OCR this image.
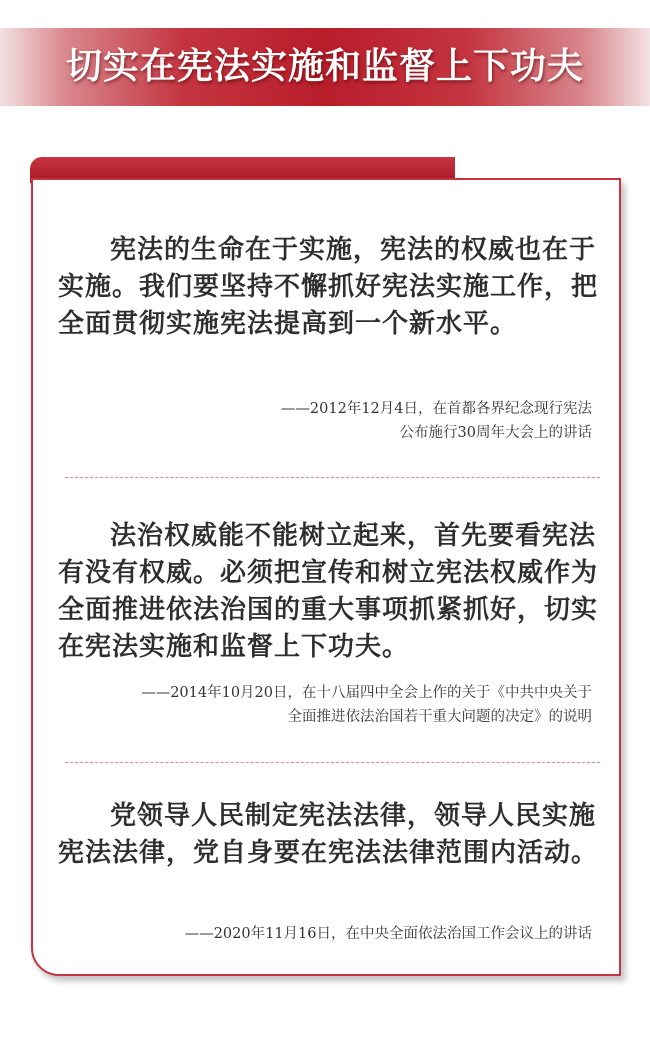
切实在宪法实施和监督上下功夫
宪法的生命在于实施，宪法的权威也在于实施。我们要坚持不懈抓好宪法实施工作，把全面贯彻实施宪法提高到一个新水平。
——2012年12月4日，在首都各界纪念现行宪法
公布施行30周年大会上的讲话
法治权威能不能树立起来，首先要看宪法有没有权威。必须把宣传和树立宪法权威作为全面推进依法治国的重大事项抓紧抓好，切实在宪法实施和监督上下功夫。
——2014年10月20日，在十八届四中全会上作的关于《中共中央关于
全面推进依法治国若干重大问题的决定》的说明
党领导人民制定宪法法律，领导人民实施宪法法律，党自身要在宪法法律范围内活动。
——2020年11月16日，在中央全面依法治国工作会议上的讲话
